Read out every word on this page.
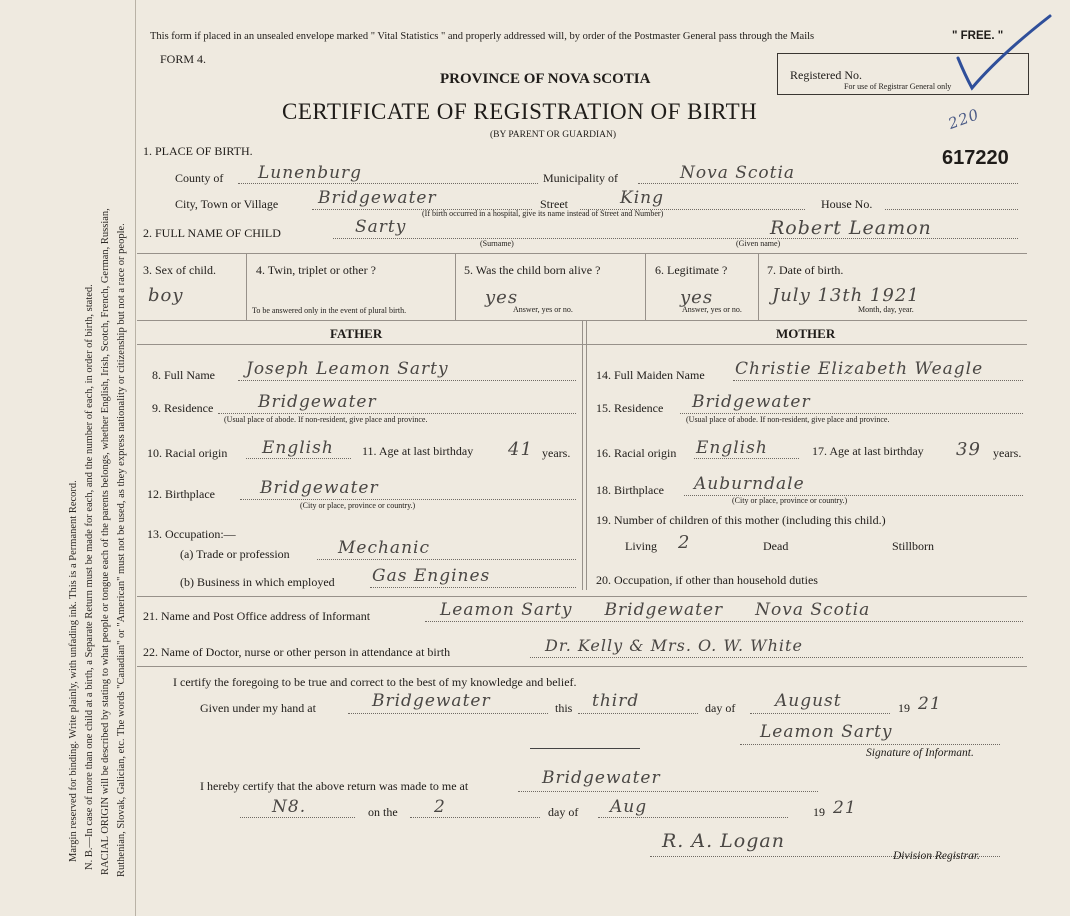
Margin reserved for binding. Write plainly, with unfading ink. This is a Permanent Record. N. B.—In case of more than one child at a birth, a Separate Return must be made for each, and the number of each, in order of birth, stated. RACIAL ORIGIN will be described by stating to what people or tongue each of the parents belongs, whether English, Irish, Scotch, French, German, Russian, Ruthenian, Slovak, Galician, etc. The words "Canadian" or "American" must not be used, as they express nationality or citizenship but not a race or people.
This form if placed in an unsealed envelope marked " Vital Statistics " and properly addressed will, by order of the Postmaster General pass through the Mails	" FREE. "
FORM 4.
PROVINCE OF NOVA SCOTIA
CERTIFICATE OF REGISTRATION OF BIRTH
(BY PARENT OR GUARDIAN)
Registered No.
For use of Registrar General only
220
617220
1. PLACE OF BIRTH.
County of Lunenburg	Municipality of	Nova Scotia
City, Town or Village Bridgewater	Street	King	House No.
(If birth occurred in a hospital, give its name instead of Street and Number)
2. FULL NAME OF CHILD	Sarty
(Surname)
Robert Leamon
(Given name)
3. Sex of child.
boy
4. Twin, triplet or other ?
To be answered only in the event of plural birth.
5. Was the child born alive ?
yes
Answer, yes or no.
6. Legitimate ?
yes
Answer, yes or no.
7. Date of birth.
July 13th 1921
Month, day, year.
FATHER	MOTHER
8. Full Name Joseph Leamon Sarty
9. Residence	Bridgewater
(Usual place of abode. If non-resident, give place and province.
10. Racial origin English 11. Age at last birthday 41 years.
12. Birthplace	Bridgewater
(City or place, province or country.)
13. Occupation:—
(a) Trade or profession	Mechanic
(b) Business in which employed Gas Engines
14. Full Maiden Name Christie Elizabeth Weagle
15. Residence Bridgewater
(Usual place of abode. If non-resident, give place and province.
16. Racial origin English	17. Age at last birthday 39 years.
18. Birthplace Auburndale
(City or place, province or country.)
19. Number of children of this mother (including this child.)
Living 2	Dead	Stillborn
20. Occupation, if other than household duties
21. Name and Post Office address of Informant	Leamon Sarty     Bridgewater     Nova Scotia
22. Name of Doctor, nurse or other person in attendance at birth	Dr. Kelly & Mrs. O. W. White
I certify the foregoing to be true and correct to the best of my knowledge and belief.
Given under my hand at	Bridgewater	this third	day of August	19 21
Leamon Sarty
Signature of Informant.
I hereby certify that the above return was made to me at	Bridgewater
N8.	on the 2	day of Aug	19 21
R. A. Logan
Division Registrar.
